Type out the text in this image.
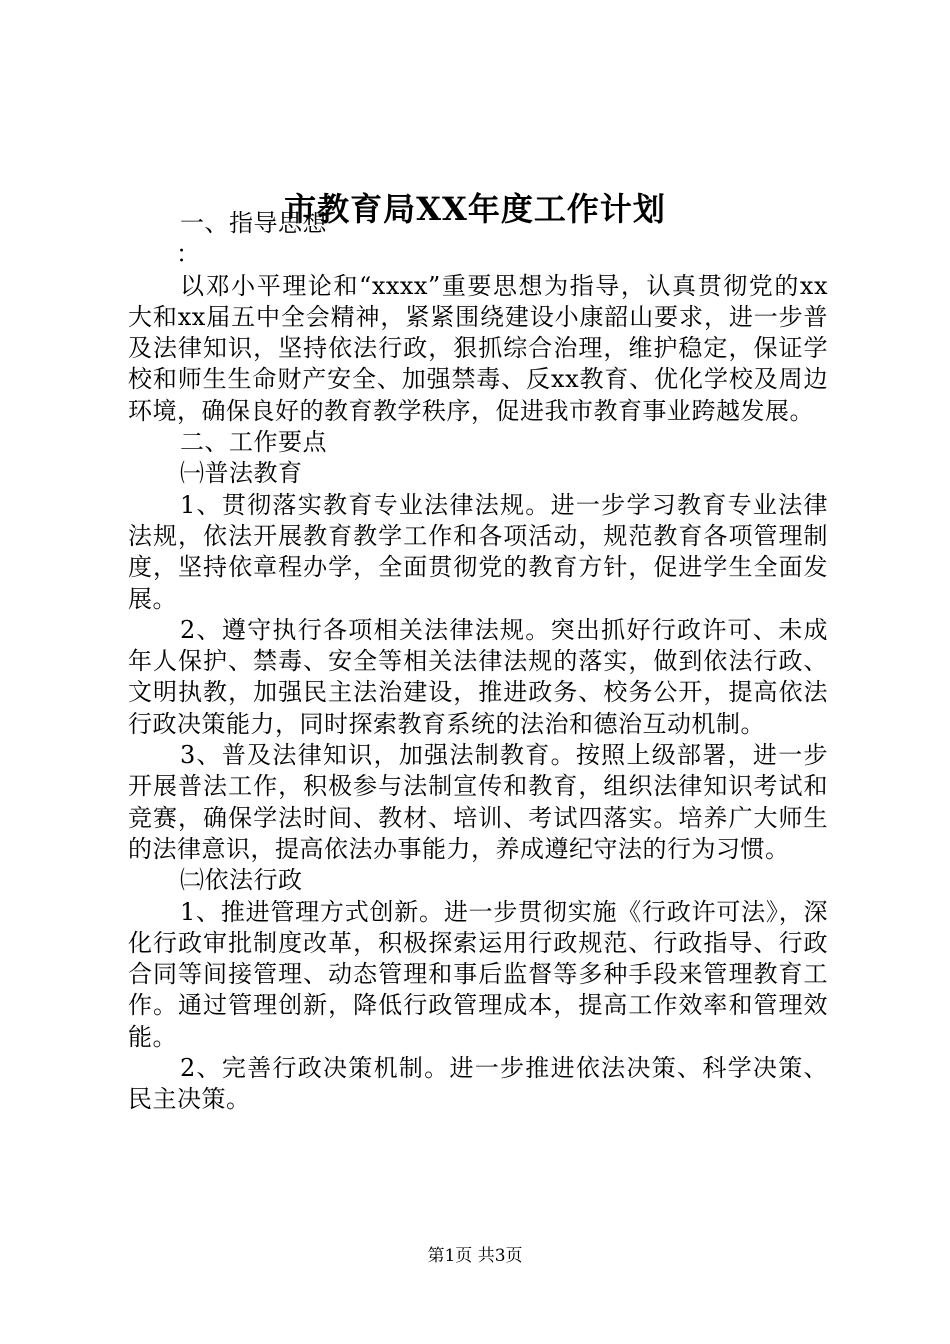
市教育局XX年度工作计划

一、指导思想

：

以邓小平理论和“xxxx”重要思想为指导，认真贯彻党的xx大和xx届五中全会精神，紧紧围绕建设小康韶山要求，进一步普及法律知识，坚持依法行政，狠抓综合治理，维护稳定，保证学校和师生生命财产安全、加强禁毒、反xx教育、优化学校及周边环境，确保良好的教育教学秩序，促进我市教育事业跨越发展。

二、工作要点

㈠普法教育

1、贯彻落实教育专业法律法规。进一步学习教育专业法律法规，依法开展教育教学工作和各项活动，规范教育各项管理制度，坚持依章程办学，全面贯彻党的教育方针，促进学生全面发展。

2、遵守执行各项相关法律法规。突出抓好行政许可、未成年人保护、禁毒、安全等相关法律法规的落实，做到依法行政、文明执教，加强民主法治建设，推进政务、校务公开，提高依法行政决策能力，同时探索教育系统的法治和德治互动机制。

3、普及法律知识，加强法制教育。按照上级部署，进一步开展普法工作，积极参与法制宣传和教育，组织法律知识考试和竞赛，确保学法时间、教材、培训、考试四落实。培养广大师生的法律意识，提高依法办事能力，养成遵纪守法的行为习惯。

㈡依法行政

1、推进管理方式创新。进一步贯彻实施《行政许可法》，深化行政审批制度改革，积极探索运用行政规范、行政指导、行政合同等间接管理、动态管理和事后监督等多种手段来管理教育工作。通过管理创新，降低行政管理成本，提高工作效率和管理效能。

2、完善行政决策机制。进一步推进依法决策、科学决策、民主决策。

第1页 共3页
